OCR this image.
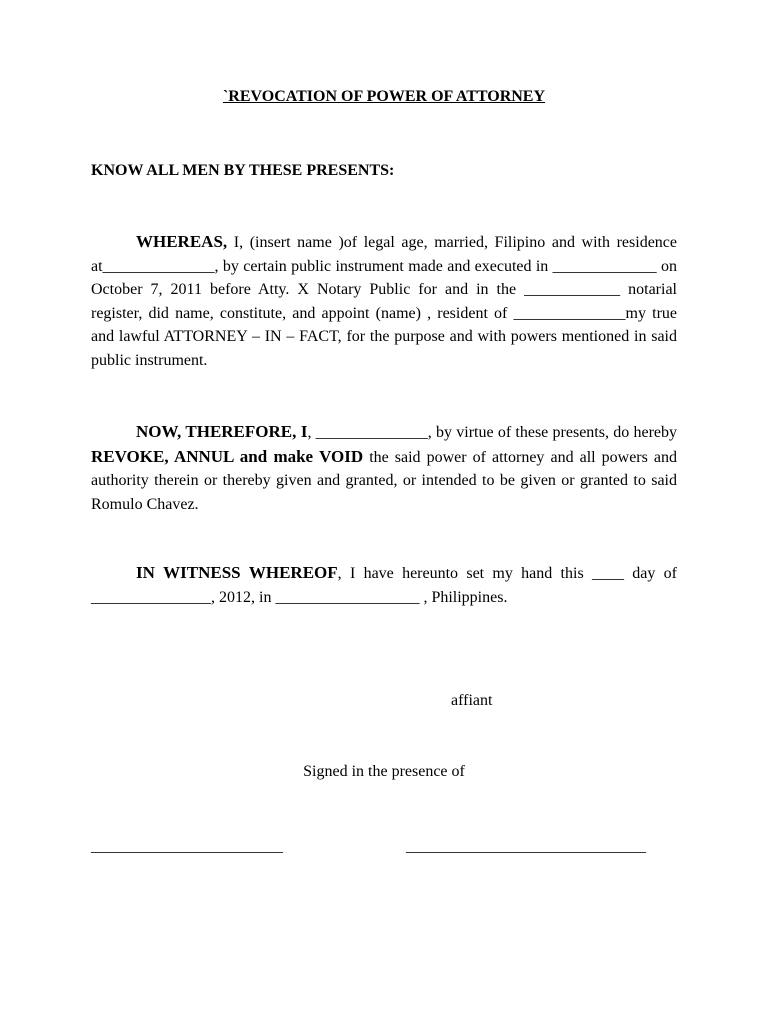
`REVOCATION OF POWER OF ATTORNEY
KNOW ALL MEN BY THESE PRESENTS:
WHEREAS, I, (insert name )of legal age, married, Filipino and with residence at______________, by certain public instrument made and executed in _____________ on October 7, 2011 before Atty. X Notary Public for and in the ____________ notarial register, did name, constitute, and appoint (name) , resident of ______________my true and lawful ATTORNEY – IN – FACT, for the purpose and with powers mentioned in said public instrument.
NOW, THEREFORE, I, ______________, by virtue of these presents, do hereby REVOKE, ANNUL and make VOID the said power of attorney and all powers and authority therein or thereby given and granted, or intended to be given or granted to said Romulo Chavez.
IN WITNESS WHEREOF, I have hereunto set my hand this ____ day of _______________, 2012, in __________________ , Philippines.
affiant
Signed in the presence of
________________________	______________________________
